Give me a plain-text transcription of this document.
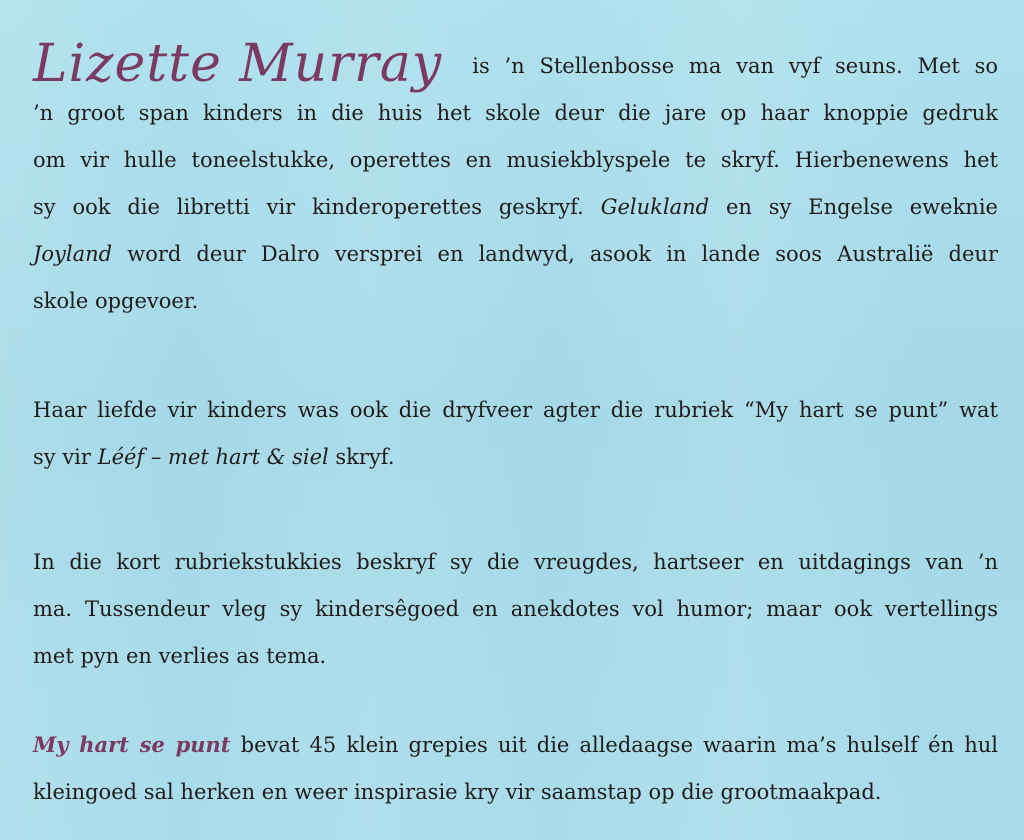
Lizette Murray is ’n Stellenbosse ma van vyf seuns. Met so
’n groot span kinders in die huis het skole deur die jare op haar knoppie gedruk
om vir hulle toneelstukke, operettes en musiekblyspele te skryf. Hierbenewens het
sy ook die libretti vir kinderoperettes geskryf. Gelukland en sy Engelse eweknie
Joyland word deur Dalro versprei en landwyd, asook in lande soos Australië deur
skole opgevoer.
Haar liefde vir kinders was ook die dryfveer agter die rubriek “My hart se punt” wat
sy vir Lééf – met hart & siel skryf.
In die kort rubriekstukkies beskryf sy die vreugdes, hartseer en uitdagings van ’n
ma. Tussendeur vleg sy kindersêgoed en anekdotes vol humor; maar ook vertellings
met pyn en verlies as tema.
My hart se punt bevat 45 klein grepies uit die alledaagse waarin ma’s hulself én hul
kleingoed sal herken en weer inspirasie kry vir saamstap op die grootmaakpad.
